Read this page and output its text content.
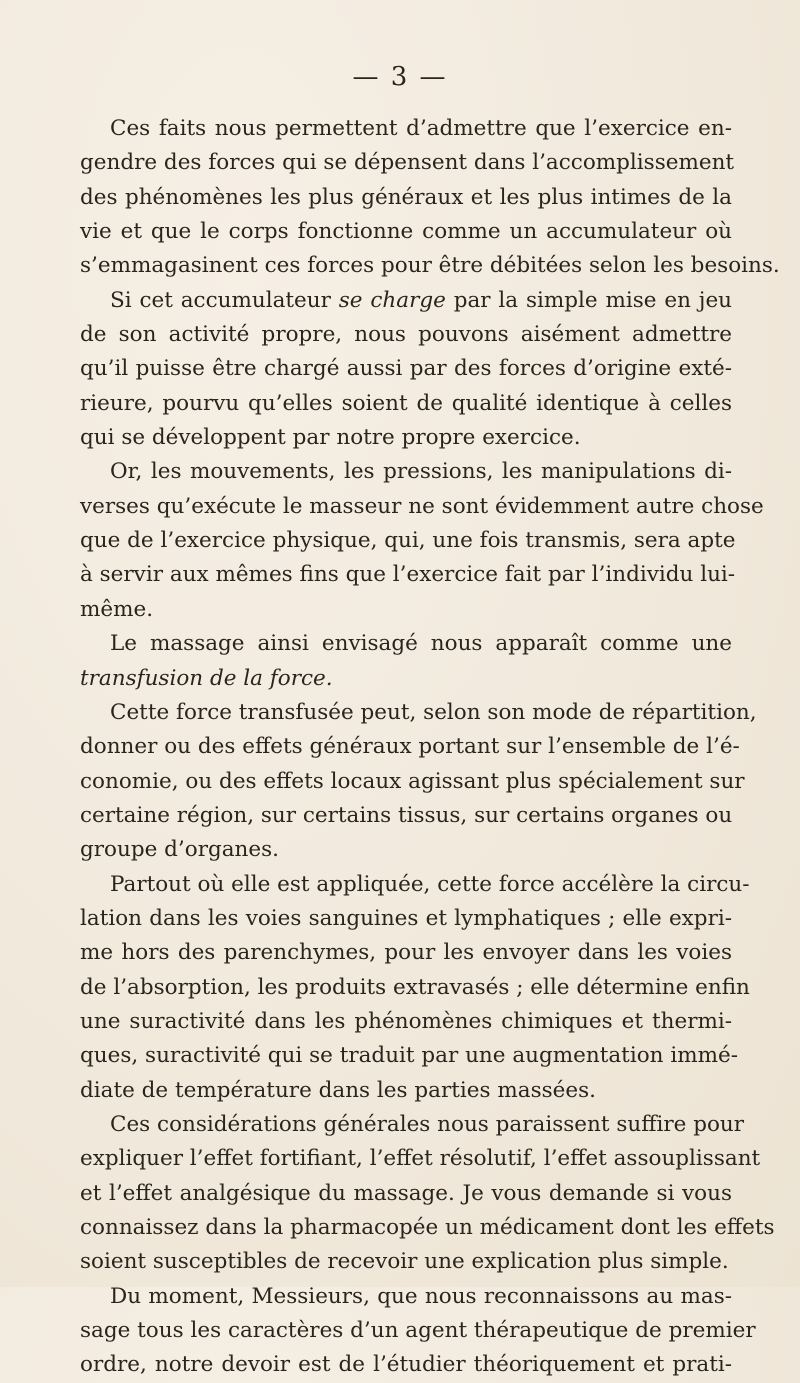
— 3 —
Ces faits nous permettent d’admettre que l’exercice en-
gendre des forces qui se dépensent dans l’accomplissement
des phénomènes les plus généraux et les plus intimes de la
vie et que le corps fonctionne comme un accumulateur où
s’emmagasinent ces forces pour être débitées selon les besoins.
Si cet accumulateur se charge par la simple mise en jeu
de son activité propre, nous pouvons aisément admettre
qu’il puisse être chargé aussi par des forces d’origine exté-
rieure, pourvu qu’elles soient de qualité identique à celles
qui se développent par notre propre exercice.
Or, les mouvements, les pressions, les manipulations di-
verses qu’exécute le masseur ne sont évidemment autre chose
que de l’exercice physique, qui, une fois transmis, sera apte
à servir aux mêmes fins que l’exercice fait par l’individu lui-
même.
Le massage ainsi envisagé nous apparaît comme une
transfusion de la force.
Cette force transfusée peut, selon son mode de répartition,
donner ou des effets généraux portant sur l’ensemble de l’é-
conomie, ou des effets locaux agissant plus spécialement sur
certaine région, sur certains tissus, sur certains organes ou
groupe d’organes.
Partout où elle est appliquée, cette force accélère la circu-
lation dans les voies sanguines et lymphatiques ; elle expri-
me hors des parenchymes, pour les envoyer dans les voies
de l’absorption, les produits extravasés ; elle détermine enfin
une suractivité dans les phénomènes chimiques et thermi-
ques, suractivité qui se traduit par une augmentation immé-
diate de température dans les parties massées.
Ces considérations générales nous paraissent suffire pour
expliquer l’effet fortifiant, l’effet résolutif, l’effet assouplissant
et l’effet analgésique du massage. Je vous demande si vous
connaissez dans la pharmacopée un médicament dont les effets
soient susceptibles de recevoir une explication plus simple.
Du moment, Messieurs, que nous reconnaissons au mas-
sage tous les caractères d’un agent thérapeutique de premier
ordre, notre devoir est de l’étudier théoriquement et prati-
